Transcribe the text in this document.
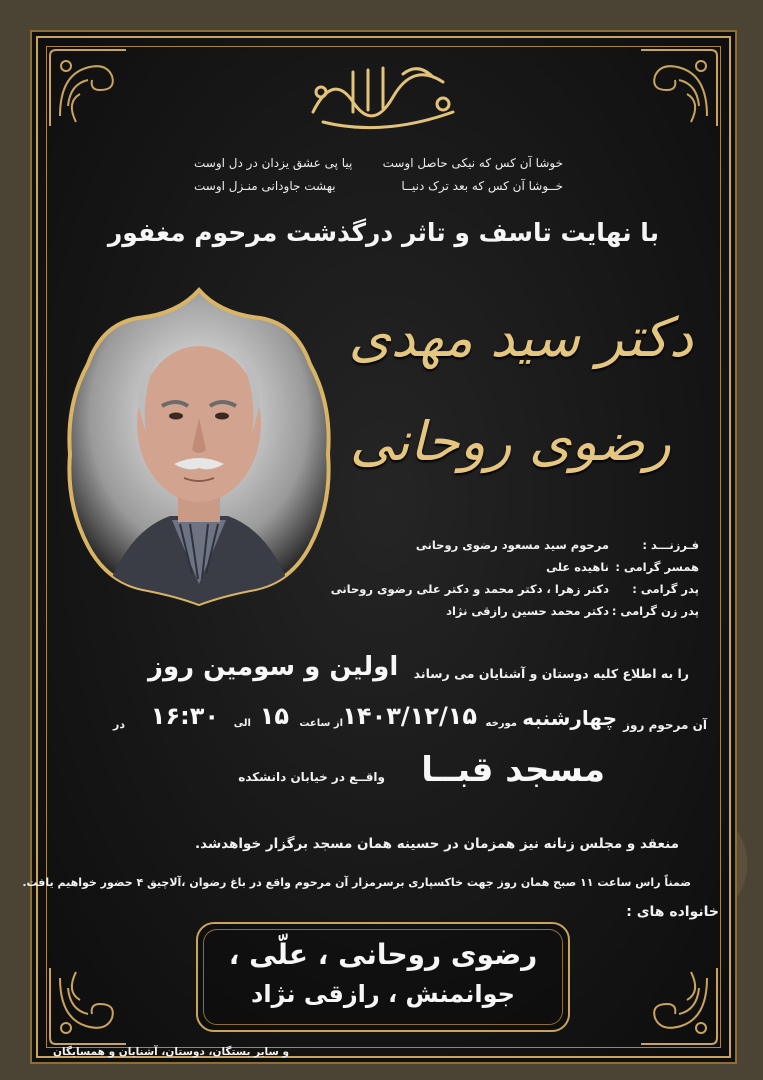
خوشا آن کس که نیکی حاصل اوست
پیا پی عشق یزدان در دل اوست
خــوشا آن کس که بعد ترک دنیــا
بهشت جاودانی منـزل اوست
با نهایت تاسف و تاثر درگذشت مرحوم مغفور
دکتر سید مهدی
رضوی روحانی
فـرزنـــد :
مرحوم سید مسعود رضوی روحانی
همسر گرامی :
ناهیده علی
پدر گرامی :
دکتر زهرا ، دکتر محمد و دکتر علی رضوی روحانی
پدر زن گرامی :
دکتر محمد حسین رازقی نژاد
را به اطلاع کلیه دوستان و آشنایان می رساند
اولین و سومین روز
آن مرحوم روز
چهارشنبه
مورخه
۱۴۰۳/۱۲/۱۵
از ساعت
۱۵
الی
۱۶:۳۰
در
مسجد قبــا
واقــع در خیابان دانشکده
منعقد و مجلس زنانه نیز همزمان در حسینه همان مسجد برگزار خواهدشد.
ضمناً راس ساعت ۱۱ صبح همان روز جهت خاکسپاری برسرمزار آن مرحوم واقع در باغ رضوان ،آلاچیق ۴ حضور خواهیم یافت.
خانواده های :
رضوی روحانی ، علّی ،
جوانمنش ، رازقی نژاد
و سایر بستگان، دوستان، آشنایان و همسایگان
